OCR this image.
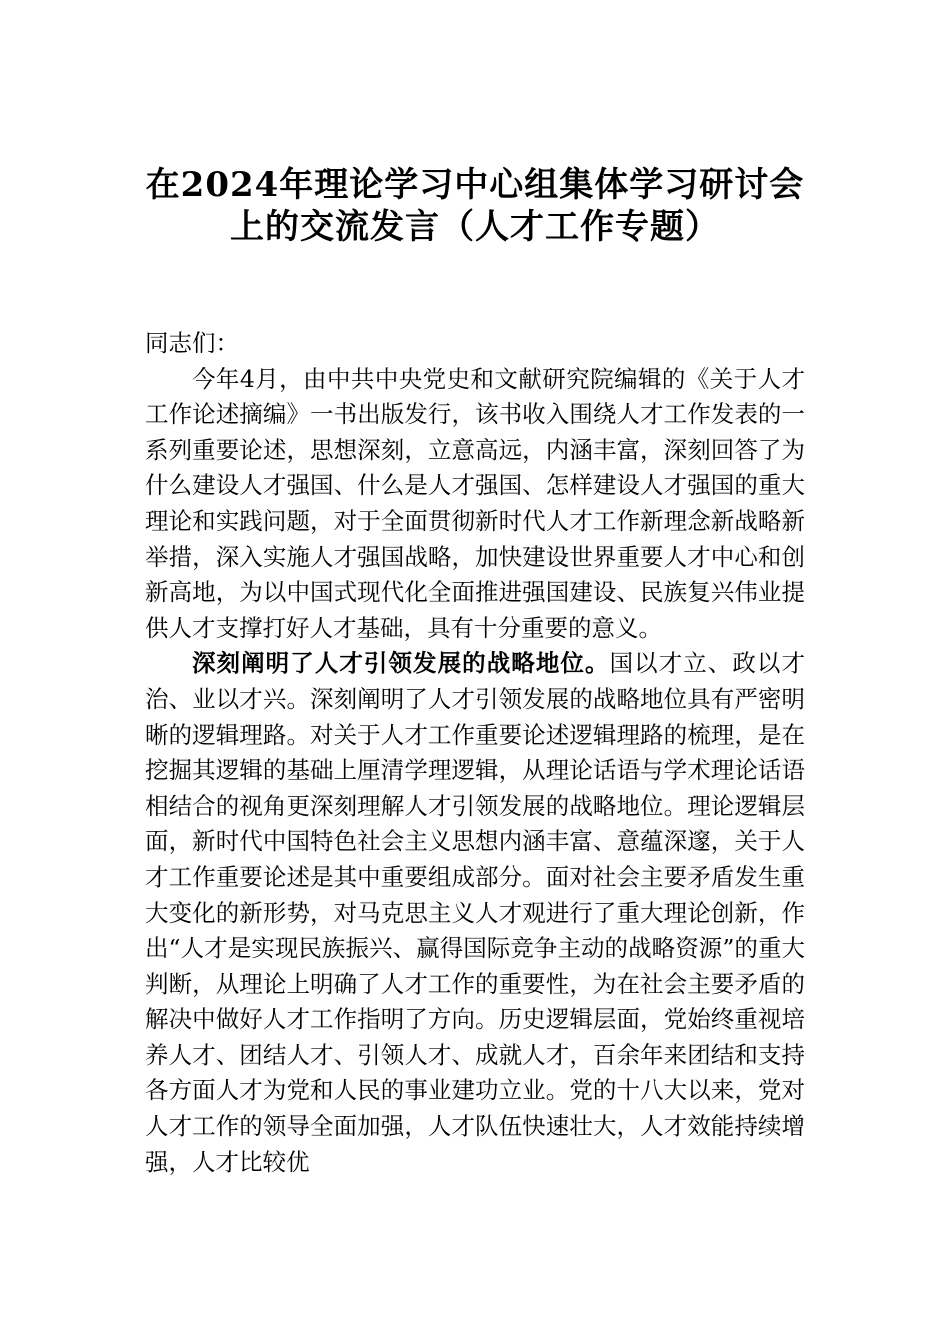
在2024年理论学习中心组集体学习研讨会
上的交流发言（人才工作专题）

同志们：

今年4月，由中共中央党史和文献研究院编辑的《关于人才工作论述摘编》一书出版发行，该书收入围绕人才工作发表的一系列重要论述，思想深刻，立意高远，内涵丰富，深刻回答了为什么建设人才强国、什么是人才强国、怎样建设人才强国的重大理论和实践问题，对于全面贯彻新时代人才工作新理念新战略新举措，深入实施人才强国战略，加快建设世界重要人才中心和创新高地，为以中国式现代化全面推进强国建设、民族复兴伟业提供人才支撑打好人才基础，具有十分重要的意义。

深刻阐明了人才引领发展的战略地位。国以才立、政以才治、业以才兴。深刻阐明了人才引领发展的战略地位具有严密明晰的逻辑理路。对关于人才工作重要论述逻辑理路的梳理，是在挖掘其逻辑的基础上厘清学理逻辑，从理论话语与学术理论话语相结合的视角更深刻理解人才引领发展的战略地位。理论逻辑层面，新时代中国特色社会主义思想内涵丰富、意蕴深邃，关于人才工作重要论述是其中重要组成部分。面对社会主要矛盾发生重大变化的新形势，对马克思主义人才观进行了重大理论创新，作出“人才是实现民族振兴、赢得国际竞争主动的战略资源”的重大判断，从理论上明确了人才工作的重要性，为在社会主要矛盾的解决中做好人才工作指明了方向。历史逻辑层面，党始终重视培养人才、团结人才、引领人才、成就人才，百余年来团结和支持各方面人才为党和人民的事业建功立业。党的十八大以来，党对人才工作的领导全面加强，人才队伍快速壮大，人才效能持续增强，人才比较优
